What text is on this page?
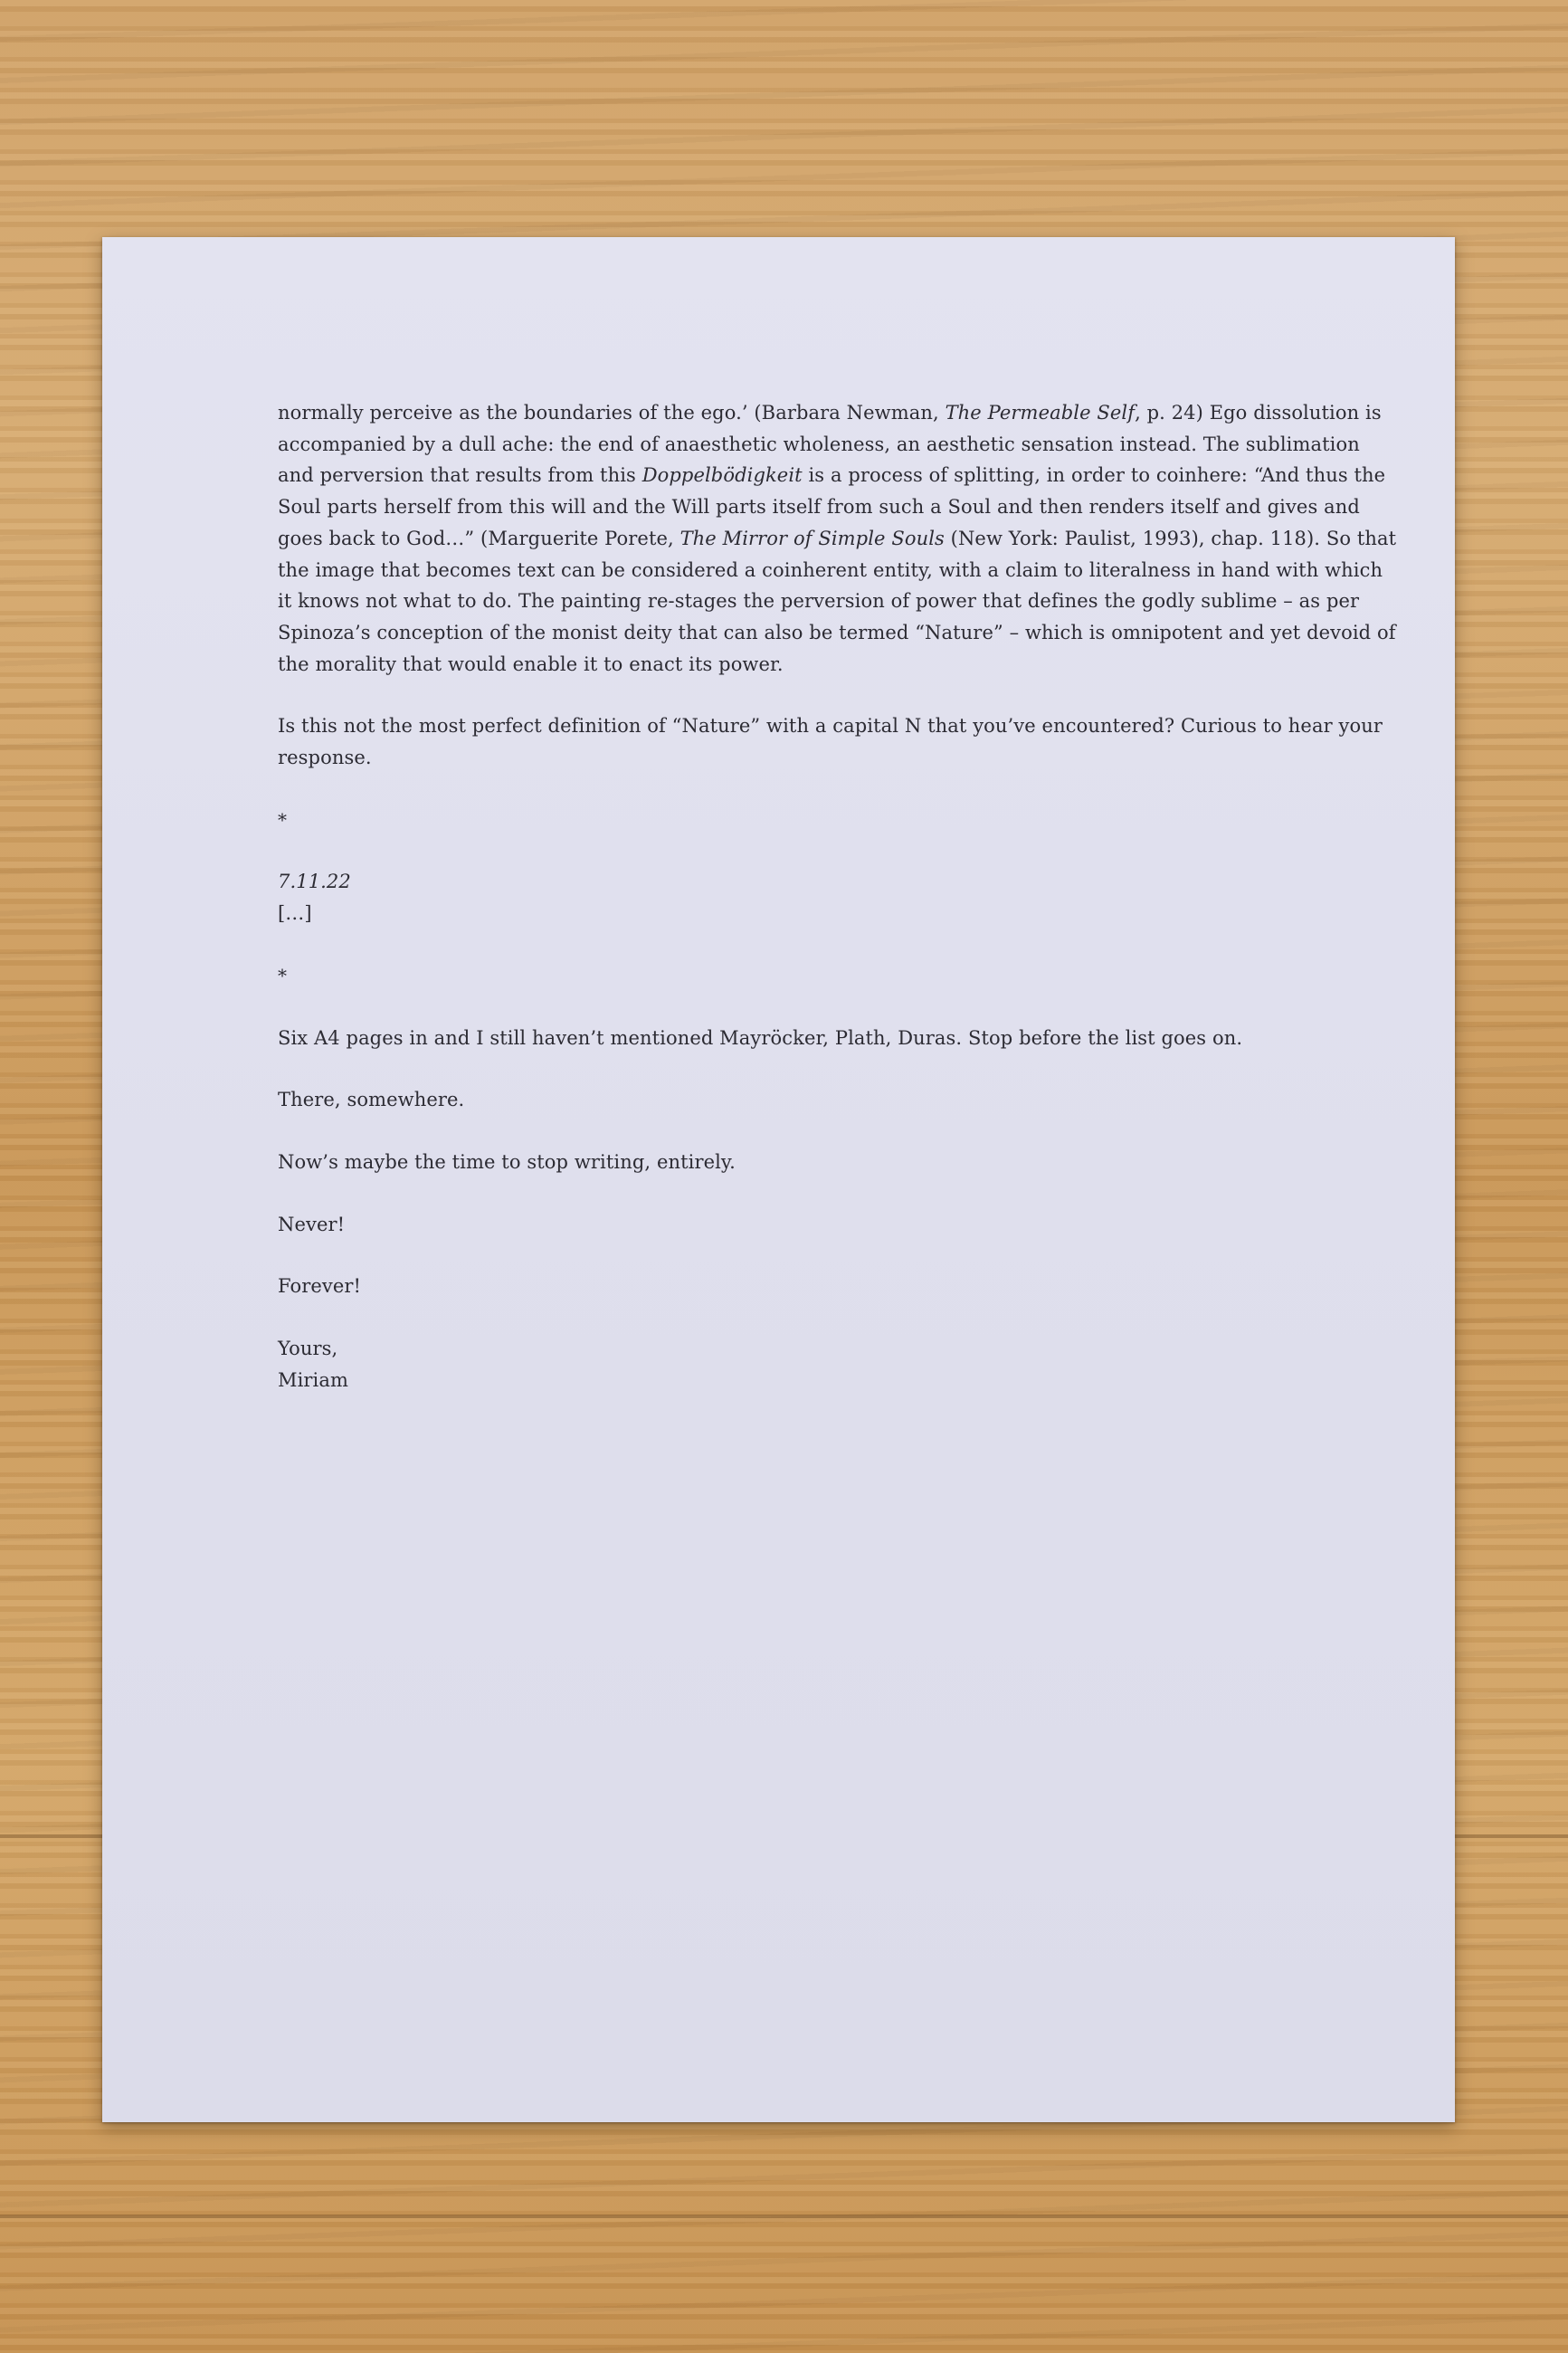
normally perceive as the boundaries of the ego.’ (Barbara Newman, The Permeable Self, p. 24) Ego dissolution is accompanied by a dull ache: the end of anaesthetic wholeness, an aesthetic sensation instead. The sublimation and perversion that results from this Doppelbödigkeit is a process of splitting, in order to coinhere: “And thus the Soul parts herself from this will and the Will parts itself from such a Soul and then renders itself and gives and goes back to God…” (Marguerite Porete, The Mirror of Simple Souls (New York: Paulist, 1993), chap. 118). So that the image that becomes text can be considered a coinherent entity, with a claim to literalness in hand with which it knows not what to do. The painting re-stages the perversion of power that defines the godly sublime – as per Spinoza’s conception of the monist deity that can also be termed “Nature” – which is omnipotent and yet devoid of the morality that would enable it to enact its power.

Is this not the most perfect definition of “Nature” with a capital N that you’ve encountered? Curious to hear your response.

*

7.11.22

[…]

*

Six A4 pages in and I still haven’t mentioned Mayröcker, Plath, Duras. Stop before the list goes on.

There, somewhere.

Now’s maybe the time to stop writing, entirely.

Never!

Forever!

Yours,

Miriam
